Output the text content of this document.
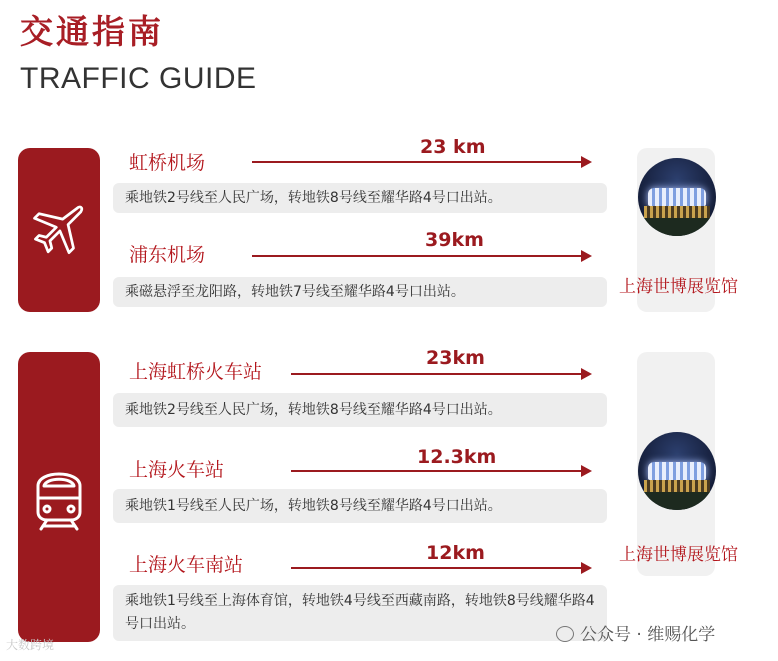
交通指南
TRAFFIC GUIDE
虹桥机场
23 km
乘地铁2号线至人民广场，转地铁8号线至耀华路4号口出站。
浦东机场
39km
乘磁悬浮至龙阳路，转地铁7号线至耀华路4号口出站。	上海世博展览馆
上海虹桥火车站
23km
乘地铁2号线至人民广场，转地铁8号线至耀华路4号口出站。
上海火车站
12.3km
乘地铁1号线至人民广场，转地铁8号线至耀华路4号口出站。
上海火车南站
12km
乘地铁1号线至上海体育馆，转地铁4号线至西藏南路，转地铁8号线耀华路4号口出站。
上海世博展览馆
大数跨境	公众号 · 维赐化学
